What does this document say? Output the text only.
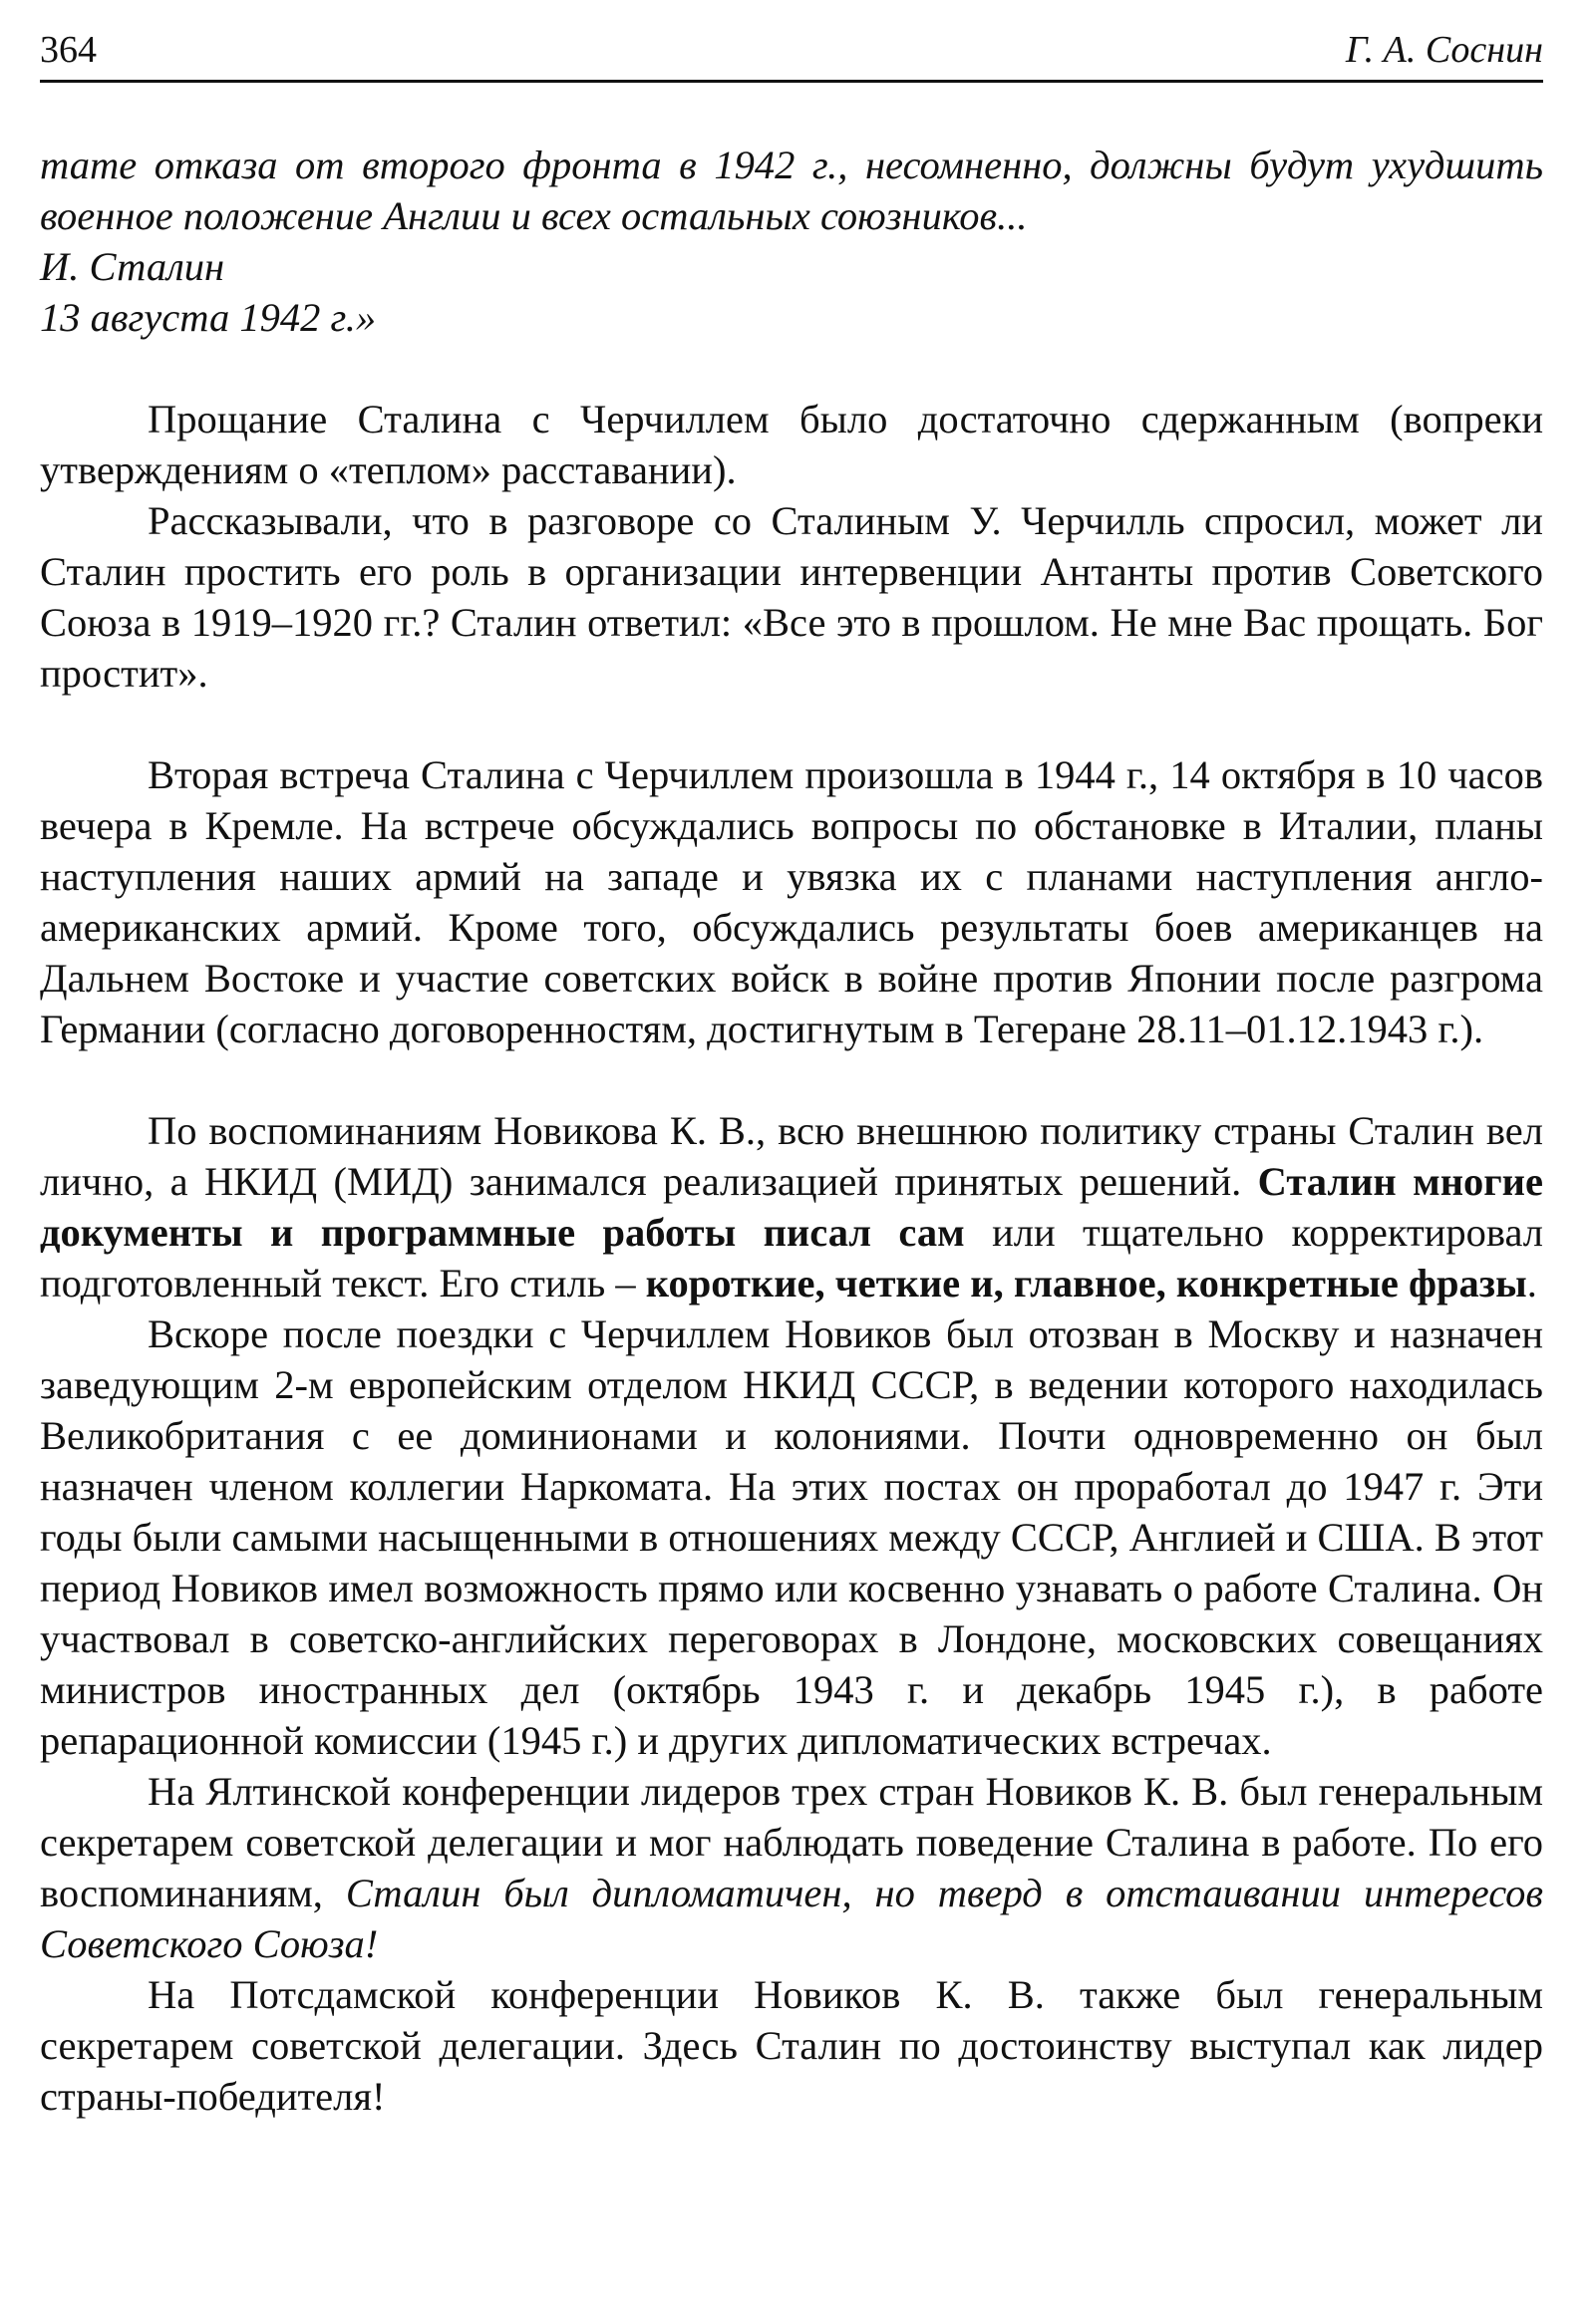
364	Г. А. Соснин

тате отказа от второго фронта в 1942 г., несомненно, должны будут ухудшить военное положение Англии и всех остальных союзников...

И. Сталин

13 августа 1942 г.»

Прощание Сталина с Черчиллем было достаточно сдержанным (вопреки утверждениям о «теплом» расставании).

Рассказывали, что в разговоре со Сталиным У. Черчилль спросил, может ли Сталин простить его роль в организации интервенции Антанты против Советского Союза в 1919–1920 гг.? Сталин ответил: «Все это в прошлом. Не мне Вас прощать. Бог простит».

Вторая встреча Сталина с Черчиллем произошла в 1944 г., 14 октября в 10 часов вечера в Кремле. На встрече обсуждались вопросы по обстановке в Италии, планы наступления наших армий на западе и увязка их с планами наступления англо-американских армий. Кроме того, обсуждались результаты боев американцев на Дальнем Востоке и участие советских войск в войне против Японии после разгрома Германии (согласно договоренностям, достигнутым в Тегеране 28.11–01.12.1943 г.).

По воспоминаниям Новикова К. В., всю внешнюю политику страны Сталин вел лично, а НКИД (МИД) занимался реализацией принятых решений. Сталин многие документы и программные работы писал сам или тщательно корректировал подготовленный текст. Его стиль – короткие, четкие и, главное, конкретные фразы.

Вскоре после поездки с Черчиллем Новиков был отозван в Москву и назначен заведующим 2-м европейским отделом НКИД СССР, в ведении которого находилась Великобритания с ее доминионами и колониями. Почти одновременно он был назначен членом коллегии Наркомата. На этих постах он проработал до 1947 г. Эти годы были самыми насыщенными в отношениях между СССР, Англией и США. В этот период Новиков имел возможность прямо или косвенно узнавать о работе Сталина. Он участвовал в советско-английских переговорах в Лондоне, московских совещаниях министров иностранных дел (октябрь 1943 г. и декабрь 1945 г.), в работе репарационной комиссии (1945 г.) и других дипломатических встречах.

На Ялтинской конференции лидеров трех стран Новиков К. В. был генеральным секретарем советской делегации и мог наблюдать поведение Сталина в работе. По его воспоминаниям, Сталин был дипломатичен, но тверд в отстаивании интересов Советского Союза!

На Потсдамской конференции Новиков К. В. также был генеральным секретарем советской делегации. Здесь Сталин по достоинству выступал как лидер страны-победителя!
